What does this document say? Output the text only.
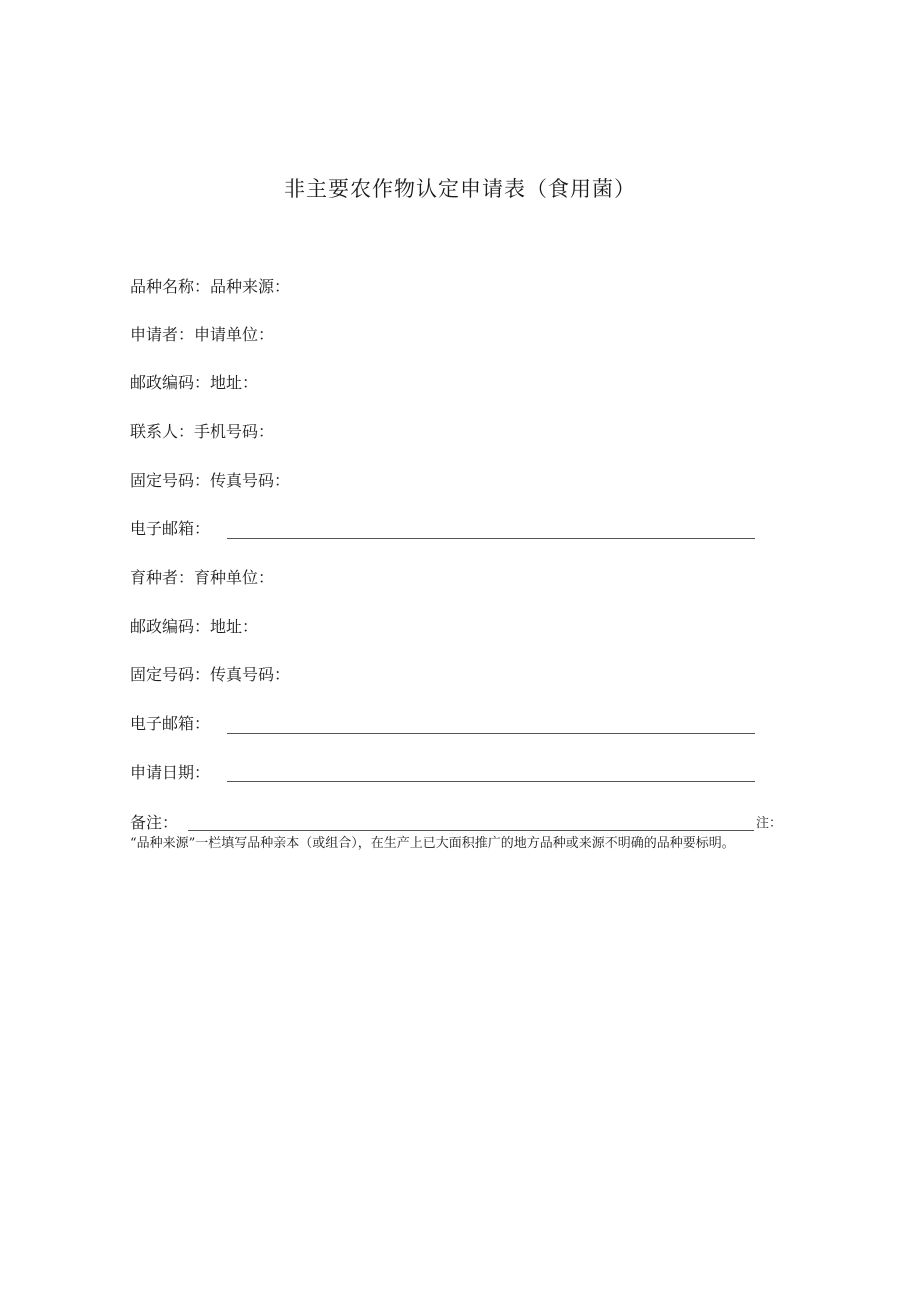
非主要农作物认定申请表（食用菌）
品种名称：品种来源：
申请者：申请单位：
邮政编码：地址：
联系人：手机号码：
固定号码：传真号码：
电子邮箱：
育种者：育种单位：
邮政编码：地址：
固定号码：传真号码：
电子邮箱：
申请日期：
备注：	注：
“品种来源”一栏填写品种亲本（或组合），在生产上已大面积推广的地方品种或来源不明确的品种要标明。
